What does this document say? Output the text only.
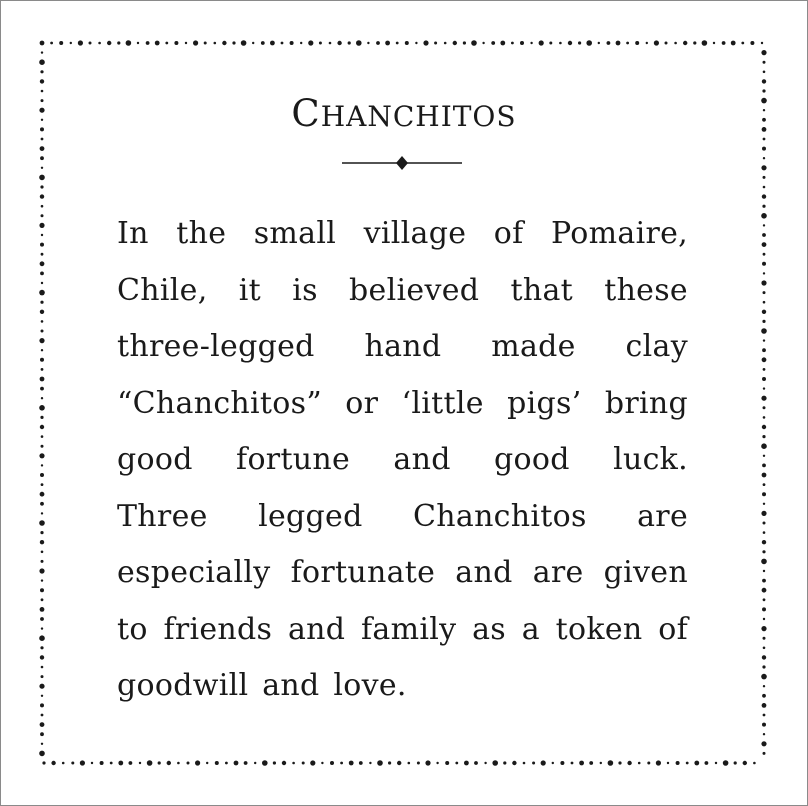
CHANCHITOS
In the small village of Pomaire,
Chile, it is believed that these
three-legged hand made clay
“Chanchitos” or ‘little pigs’ bring
good fortune and good luck.
Three legged Chanchitos are
especially fortunate and are given
to friends and family as a token of
goodwill and love.
